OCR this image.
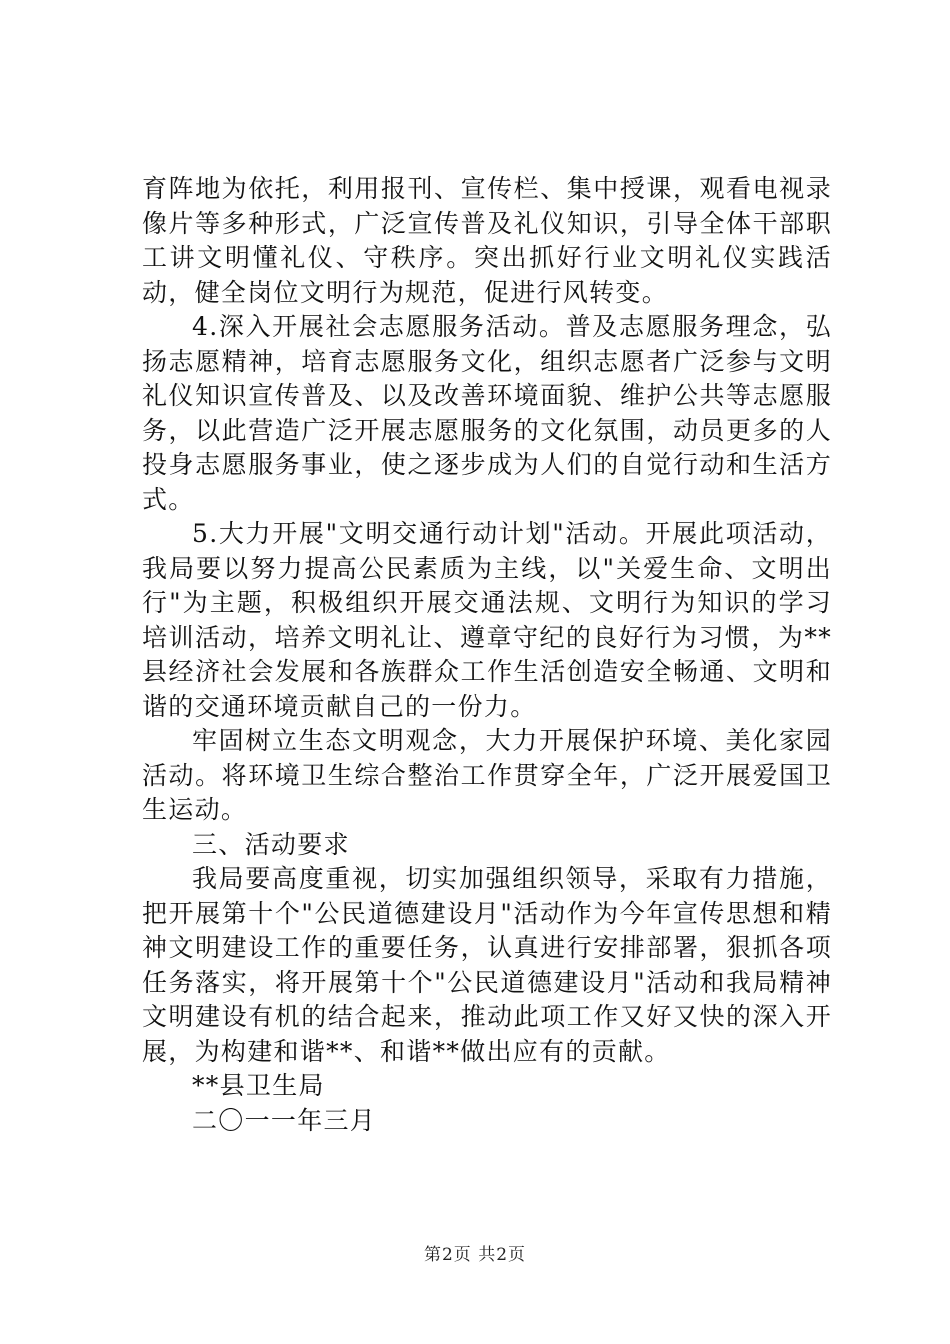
育阵地为依托，利用报刊、宣传栏、集中授课，观看电视录像片等多种形式，广泛宣传普及礼仪知识，引导全体干部职工讲文明懂礼仪、守秩序。突出抓好行业文明礼仪实践活动，健全岗位文明行为规范，促进行风转变。

4.深入开展社会志愿服务活动。普及志愿服务理念，弘扬志愿精神，培育志愿服务文化，组织志愿者广泛参与文明礼仪知识宣传普及、以及改善环境面貌、维护公共等志愿服务，以此营造广泛开展志愿服务的文化氛围，动员更多的人投身志愿服务事业，使之逐步成为人们的自觉行动和生活方式。

5.大力开展"文明交通行动计划"活动。开展此项活动，我局要以努力提高公民素质为主线，以"关爱生命、文明出行"为主题，积极组织开展交通法规、文明行为知识的学习培训活动，培养文明礼让、遵章守纪的良好行为习惯，为**县经济社会发展和各族群众工作生活创造安全畅通、文明和谐的交通环境贡献自己的一份力。

牢固树立生态文明观念，大力开展保护环境、美化家园活动。将环境卫生综合整治工作贯穿全年，广泛开展爱国卫生运动。

三、活动要求

我局要高度重视，切实加强组织领导，采取有力措施，把开展第十个"公民道德建设月"活动作为今年宣传思想和精神文明建设工作的重要任务，认真进行安排部署，狠抓各项任务落实，将开展第十个"公民道德建设月"活动和我局精神文明建设有机的结合起来，推动此项工作又好又快的深入开展，为构建和谐**、和谐**做出应有的贡献。

**县卫生局

二〇一一年三月

第2页 共2页
